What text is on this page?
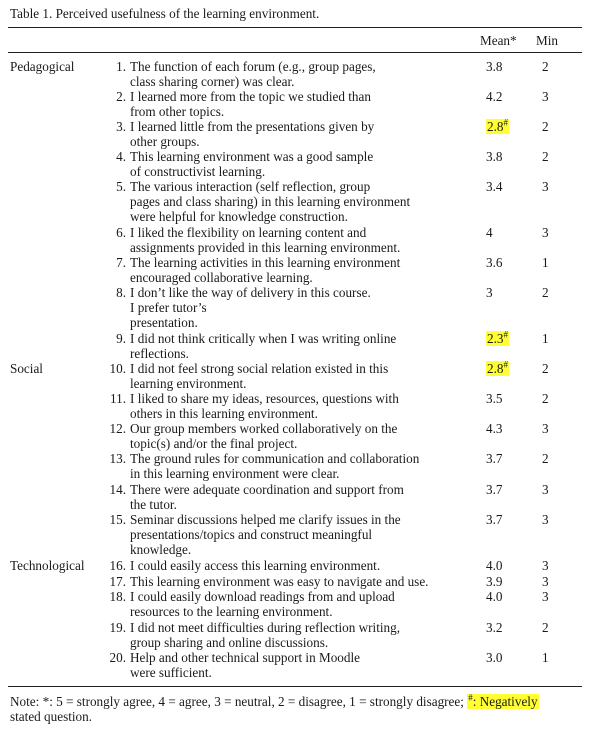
Table 1. Perceived usefulness of the learning environment.
Mean* Min
Pedagogical	1. The function of each forum (e.g., group pages,
class sharing corner) was clear.
3.8	2
2. I learned more from the topic we studied than
from other topics.
4.2	3
3. I learned little from the presentations given by
other groups.
2.8#	2
4. This learning environment was a good sample
of constructivist learning.
3.8	2
5. The various interaction (self reflection, group
pages and class sharing) in this learning environment
were helpful for knowledge construction.
3.4	3
6. I liked the flexibility on learning content and
assignments provided in this learning environment.
4	3
7. The learning activities in this learning environment
encouraged collaborative learning.
3.6	1
8. I don’t like the way of delivery in this course.
I prefer tutor’s
presentation.
3	2
9. I did not think critically when I was writing online
reflections.
2.3#	1
Social	10. I did not feel strong social relation existed in this
learning environment.
2.8#	2
11. I liked to share my ideas, resources, questions with
others in this learning environment.
3.5	2
12. Our group members worked collaboratively on the
topic(s) and/or the final project.
4.3	3
13. The ground rules for communication and collaboration
in this learning environment were clear.
3.7	2
14. There were adequate coordination and support from
the tutor.
3.7	3
15. Seminar discussions helped me clarify issues in the
presentations/topics and construct meaningful
knowledge.
3.7	3
Technological	16. I could easily access this learning environment.	4.0	3
17. This learning environment was easy to navigate and use.	3.9	3
18. I could easily download readings from and upload
resources to the learning environment.
4.0	3
19. I did not meet difficulties during reflection writing,
group sharing and online discussions.
3.2	2
20. Help and other technical support in Moodle
were sufficient.
3.0	1
Note: *: 5 = strongly agree, 4 = agree, 3 = neutral, 2 = disagree, 1 = strongly disagree; #: Negatively
stated question.
